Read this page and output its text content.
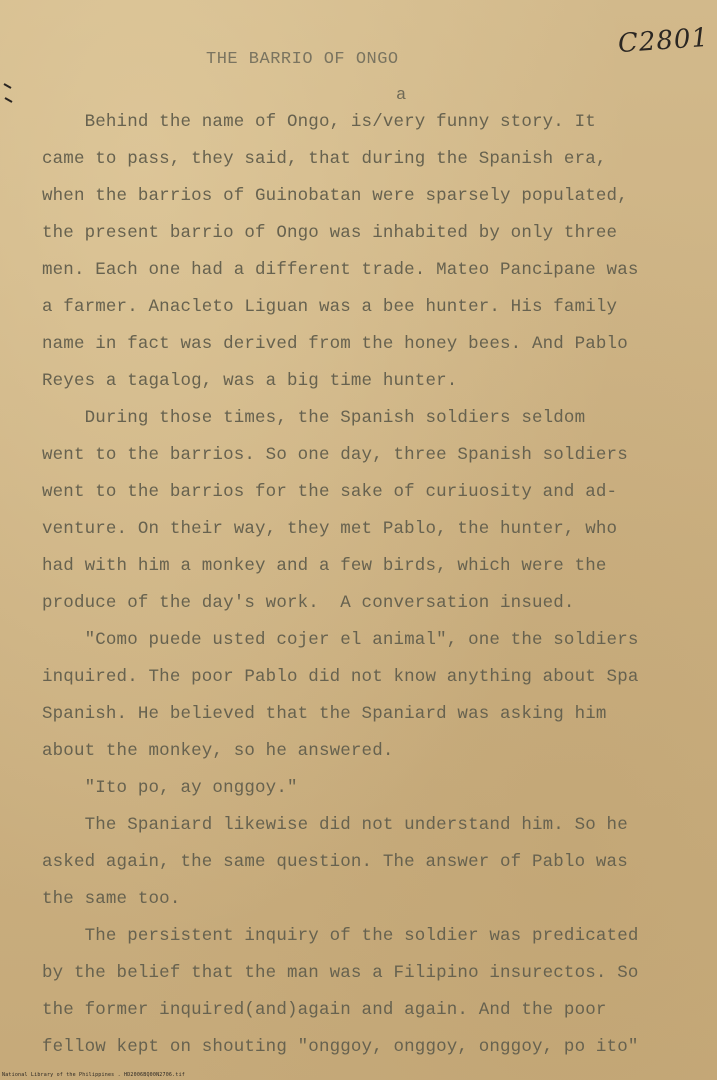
C2801
THE BARRIO OF ONGO
a
Behind the name of Ongo, is/very funny story. It
came to pass, they said, that during the Spanish era,
when the barrios of Guinobatan were sparsely populated,
the present barrio of Ongo was inhabited by only three
men. Each one had a different trade. Mateo Pancipane was
a farmer. Anacleto Liguan was a bee hunter. His family
name in fact was derived from the honey bees. And Pablo
Reyes a tagalog, was a big time hunter.
During those times, the Spanish soldiers seldom
went to the barrios. So one day, three Spanish soldiers
went to the barrios for the sake of curiuosity and ad-
venture. On their way, they met Pablo, the hunter, who
had with him a monkey and a few birds, which were the
produce of the day's work.  A conversation insued.
"Como puede usted cojer el animal", one the soldiers
inquired. The poor Pablo did not know anything about Spa
Spanish. He believed that the Spaniard was asking him
about the monkey, so he answered.
"Ito po, ay onggoy."
The Spaniard likewise did not understand him. So he
asked again, the same question. The answer of Pablo was
the same too.
The persistent inquiry of the soldier was predicated
by the belief that the man was a Filipino insurectos. So
the former inquired(and)again and again. And the poor
fellow kept on shouting "onggoy, onggoy, onggoy, po ito"
National Library of the Philippines . HD2006BQ00N2706.tif
